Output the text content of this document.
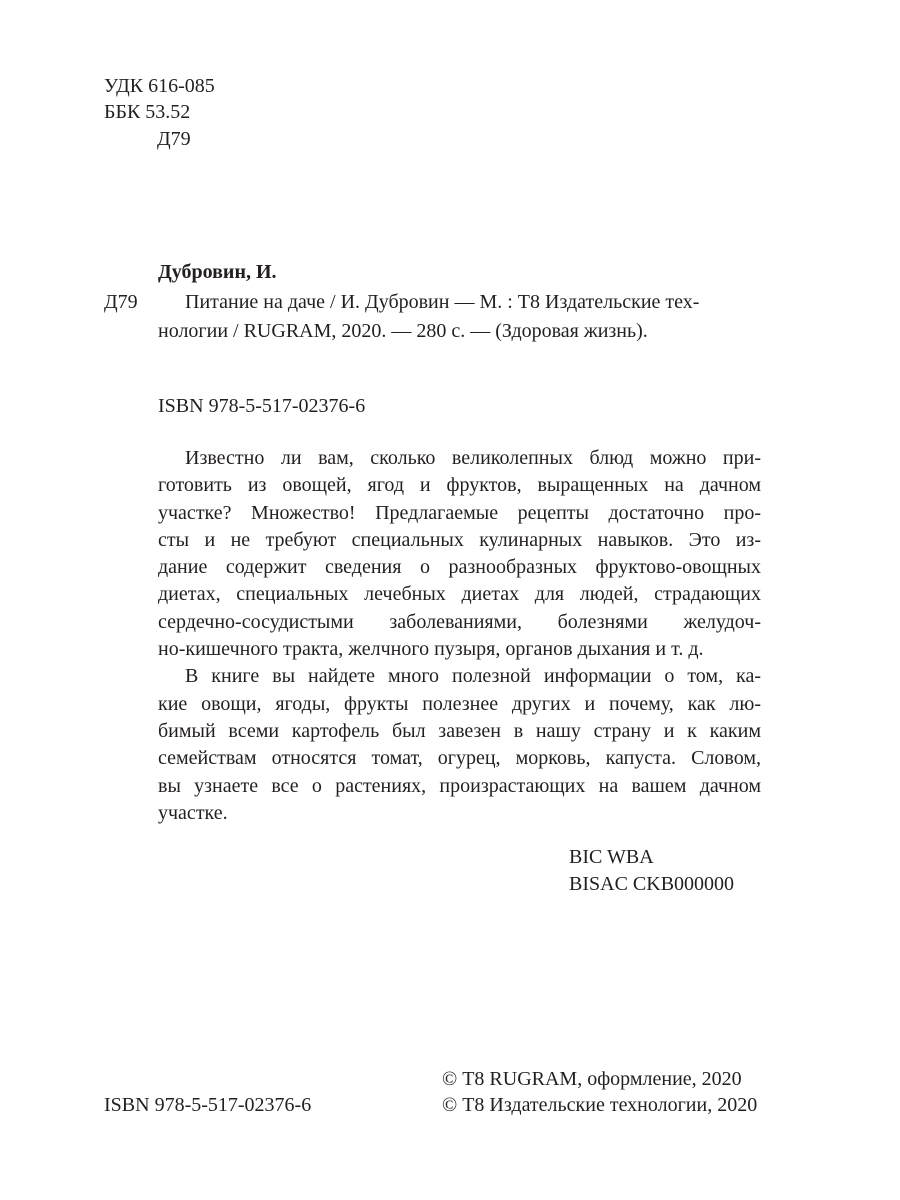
УДК 616-085
ББК 53.52
Д79
Дубровин, И.
Д79 Питание на даче / И. Дубровин — М. : Т8 Издательские тех-
нологии / RUGRAM, 2020. — 280 с. — (Здоровая жизнь).
ISBN 978-5-517-02376-6
Известно ли вам, сколько великолепных блюд можно при-
готовить из овощей, ягод и фруктов, выращенных на дачном
участке? Множество! Предлагаемые рецепты достаточно про-
сты и не требуют специальных кулинарных навыков. Это из-
дание содержит сведения о разнообразных фруктово-овощных
диетах, специальных лечебных диетах для людей, страдающих
сердечно-сосудистыми заболеваниями, болезнями желудоч-
но-кишечного тракта, желчного пузыря, органов дыхания и т. д.
В книге вы найдете много полезной информации о том, ка-
кие овощи, ягоды, фрукты полезнее других и почему, как лю-
бимый всеми картофель был завезен в нашу страну и к каким
семействам относятся томат, огурец, морковь, капуста. Словом,
вы узнаете все о растениях, произрастающих на вашем дачном
участке.
BIC WBA
BISAC CKB000000
© Т8 RUGRAM, оформление, 2020
© Т8 Издательские технологии, 2020
ISBN 978-5-517-02376-6
